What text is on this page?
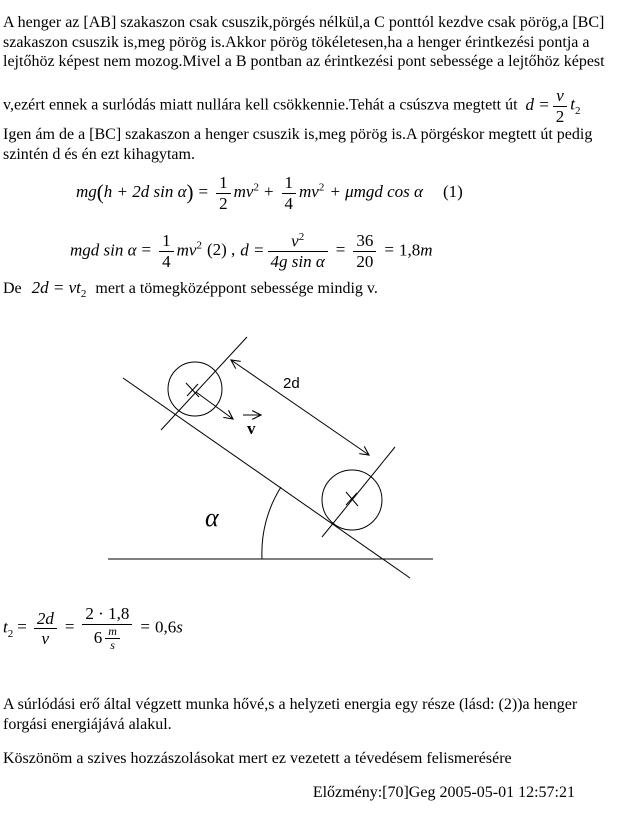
A henger az [AB] szakaszon csak csuszik,pörgés nélkül,a C ponttól kezdve csak pörög,a [BC]
szakaszon csuszik is,meg pörög is.Akkor pörög tökéletesen,ha a henger érintkezési pontja a
lejtőhöz képest nem mozog.Mivel a B pontban az érintkezési pont sebessége a lejtőhöz képest
v,ezért ennek a surlódás miatt nullára kell csökkennie.Tehát a csúszva megtett út $d = \frac{v}{2} t_2$
Igen ám de a [BC] szakaszon a henger csuszik is,meg pörög is.A pörgéskor megtett út pedig
szintén d és én ezt kihagytam.
mg(h + 2d $\sin \alpha) = \frac{1}{2} mv^2 + \frac{1}{4} mv^2 + \mu mgd$ cos α (1)
mgd $\sin \alpha = \frac{1}{4} mv^2$ (2) , $d = \frac{v^2}{\text{4g sin α}} = \frac{36}{20} = 1,8m$
De $2d = vt_2$ mert a tömegközéppont sebessége mindig v.
2d
v
α
$t_2 = \frac{2d}{v} = \frac{2 \cdot 1,8}{6 \frac{m}{s}} = 0,6s$
A súrlódási erő által végzett munka hővé,s a helyzeti energia egy része (lásd: (2))a henger
forgási energiájává alakul.
Köszönöm a szives hozzászolásokat mert ez vezetett a tévedésem felismerésére
Előzmény:[70]Geg 2005-05-01 12:57:21
